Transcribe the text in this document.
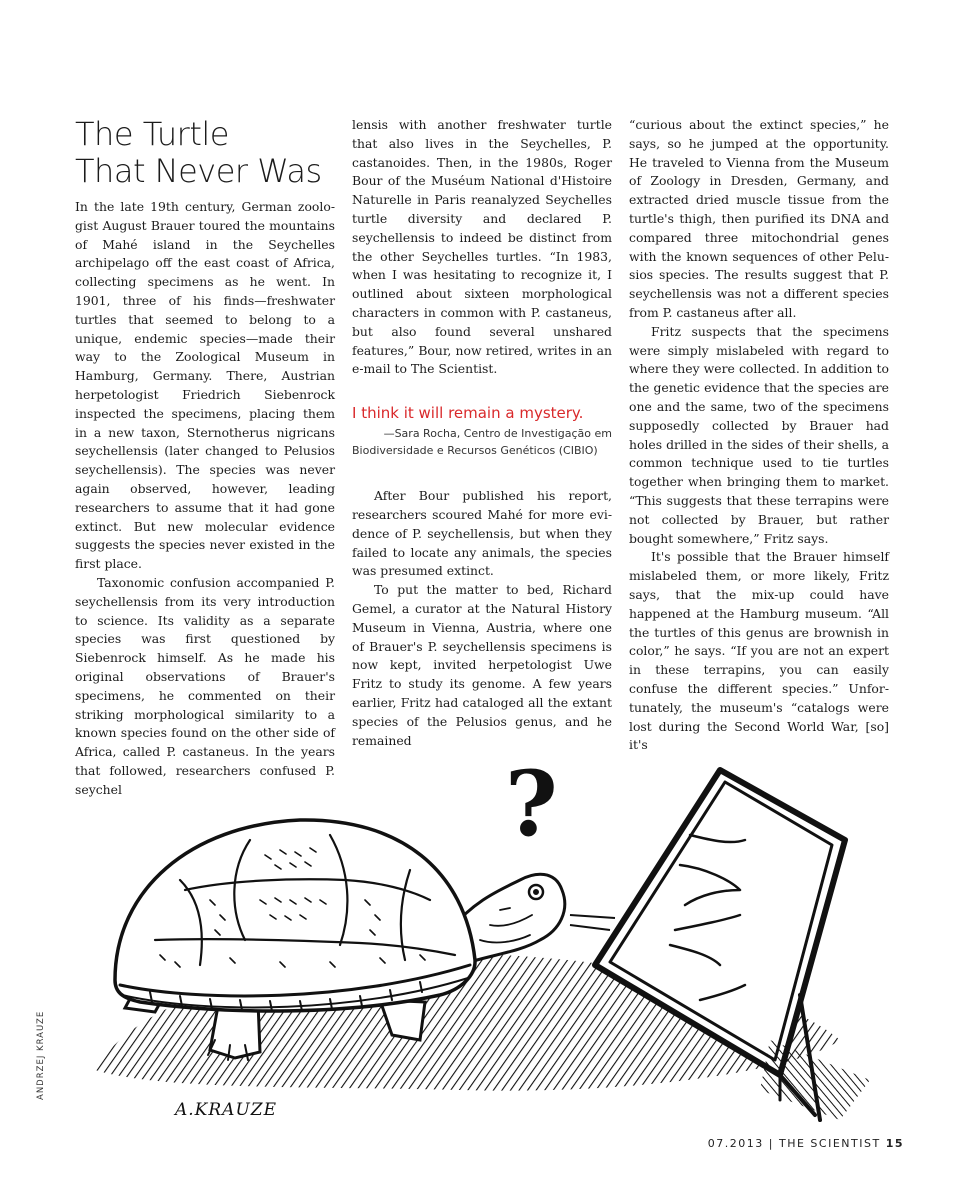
The Turtle
That Never Was

In the late 19th century, German zoologist August Brauer toured the mountains of Mahé island in the Seychelles archipelago off the east coast of Africa, collecting specimens as he went. In 1901, three of his finds—freshwater turtles that seemed to belong to a unique, endemic species—made their way to the Zoological Museum in Hamburg, Germany. There, Austrian herpetologist Friedrich Siebenrock inspected the specimens, placing them in a new taxon, Sternotherus nigricans seychellensis (later changed to Pelusios seychellensis). The species was never again observed, however, leading researchers to assume that it had gone extinct. But new molecular evidence suggests the species never existed in the first place.

Taxonomic confusion accompanied P. seychellensis from its very introduction to science. Its validity as a separate species was first questioned by Siebenrock himself. As he made his original observations of Brauer's specimens, he commented on their striking morphological similarity to a known species found on the other side of Africa, called P. castaneus. In the years that followed, researchers confused P. seychel

lensis with another freshwater turtle that also lives in the Seychelles, P. castanoides. Then, in the 1980s, Roger Bour of the Muséum National d'Histoire Naturelle in Paris reanalyzed Seychelles turtle diversity and declared P. seychellensis to indeed be distinct from the other Seychelles turtles. “In 1983, when I was hesitating to recognize it, I outlined about sixteen morphological characters in common with P. castaneus, but also found several unshared features,” Bour, now retired, writes in an e-mail to The Scientist.

I think it will remain a mystery.
—Sara Rocha, Centro de Investigação em
Biodiversidade e Recursos Genéticos (CIBIO)

After Bour published his report, researchers scoured Mahé for more evidence of P. seychellensis, but when they failed to locate any animals, the species was presumed extinct.

To put the matter to bed, Richard Gemel, a curator at the Natural History Museum in Vienna, Austria, where one of Brauer's P. seychellensis specimens is now kept, invited herpetologist Uwe Fritz to study its genome. A few years earlier, Fritz had cataloged all the extant species of the Pelusios genus, and he remained

“curious about the extinct species,” he says, so he jumped at the opportunity. He traveled to Vienna from the Museum of Zoology in Dresden, Germany, and extracted dried muscle tissue from the turtle's thigh, then purified its DNA and compared three mitochondrial genes with the known sequences of other Pelusios species. The results suggest that P. seychellensis was not a different species from P. castaneus after all.

Fritz suspects that the specimens were simply mislabeled with regard to where they were collected. In addition to the genetic evidence that the species are one and the same, two of the specimens supposedly collected by Brauer had holes drilled in the sides of their shells, a common technique used to tie turtles together when bringing them to market. “This suggests that these terrapins were not collected by Brauer, but rather bought somewhere,” Fritz says.

It's possible that the Brauer himself mislabeled them, or more likely, Fritz says, that the mix-up could have happened at the Hamburg museum. “All the turtles of this genus are brownish in color,” he says. “If you are not an expert in these terrapins, you can easily confuse the different species.” Unfortunately, the museum's “catalogs were lost during the Second World War, [so] it's

?
A.KRAUZE
ANDRZEJ KRAUZE
07.2013 | THE SCIENTIST 15
